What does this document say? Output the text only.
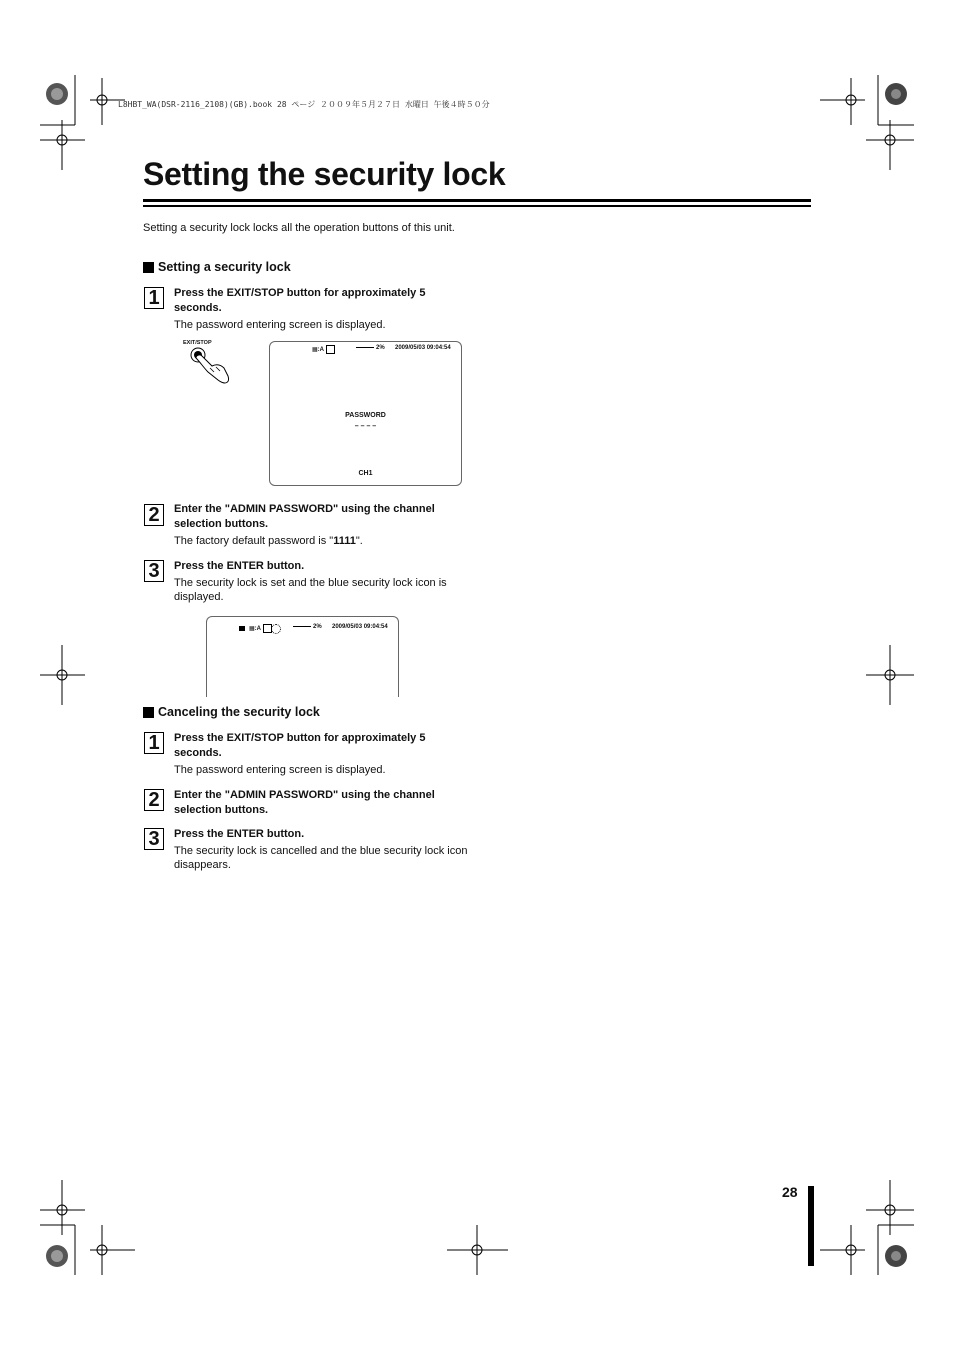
L8HBT_WA(DSR-2116_2108)(GB).book 28 ページ ２００９年５月２７日 水曜日 午後４時５０分
Setting the security lock
Setting a security lock locks all the operation buttons of this unit.
Setting a security lock
1	Press the EXIT/STOP button for approximately 5 seconds.
The password entering screen is displayed.
EXIT/STOP
▦:A	2% 2009/05/03 09:04:54
PASSWORD
– – – –
CH1
2	Enter the "ADMIN PASSWORD" using the channel selection buttons.
The factory default password is "1111".
3	Press the ENTER button.
The security lock is set and the blue security lock icon is displayed.
▦:A	2% 2009/05/03 09:04:54
Canceling the security lock
1	Press the EXIT/STOP button for approximately 5 seconds.
The password entering screen is displayed.
2	Enter the "ADMIN PASSWORD" using the channel selection buttons.
3	Press the ENTER button.
The security lock is cancelled and the blue security lock icon disappears.
28
